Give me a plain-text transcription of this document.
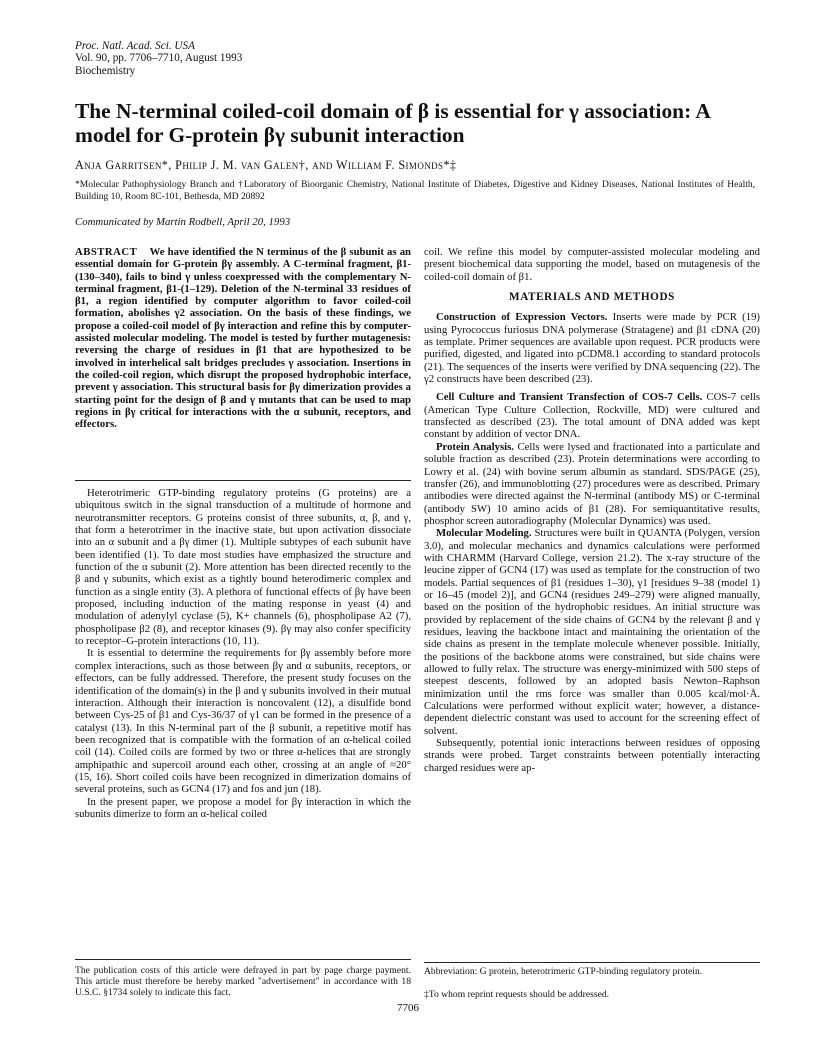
Proc. Natl. Acad. Sci. USA
Vol. 90, pp. 7706–7710, August 1993
Biochemistry
The N-terminal coiled-coil domain of β is essential for γ association: A model for G-protein βγ subunit interaction
Anja Garritsen*, Philip J. M. van Galen†, and William F. Simonds*‡
*Molecular Pathophysiology Branch and †Laboratory of Bioorganic Chemistry, National Institute of Diabetes, Digestive and Kidney Diseases, National Institutes of Health, Building 10, Room 8C-101, Bethesda, MD 20892
Communicated by Martin Rodbell, April 20, 1993
ABSTRACT We have identified the N terminus of the β subunit as an essential domain for G-protein βγ assembly. A C-terminal fragment, β1-(130–340), fails to bind γ unless coexpressed with the complementary N-terminal fragment, β1-(1–129). Deletion of the N-terminal 33 residues of β1, a region identified by computer algorithm to favor coiled-coil formation, abolishes γ2 association. On the basis of these findings, we propose a coiled-coil model of βγ interaction and refine this by computer-assisted molecular modeling. The model is tested by further mutagenesis: reversing the charge of residues in β1 that are hypothesized to be involved in interhelical salt bridges precludes γ association. Insertions in the coiled-coil region, which disrupt the proposed hydrophobic interface, prevent γ association. This structural basis for βγ dimerization provides a starting point for the design of β and γ mutants that can be used to map regions in βγ critical for interactions with the α subunit, receptors, and effectors.

Heterotrimeric GTP-binding regulatory proteins (G proteins) are a ubiquitous switch in the signal transduction of a multitude of hormone and neurotransmitter receptors. G proteins consist of three subunits, α, β, and γ, that form a heterotrimer in the inactive state, but upon activation dissociate into an α subunit and a βγ dimer (1). Multiple subtypes of each subunit have been identified (1). To date most studies have emphasized the structure and function of the α subunit (2). More attention has been directed recently to the β and γ subunits, which exist as a tightly bound heterodimeric complex and function as a single entity (3). A plethora of functional effects of βγ have been proposed, including induction of the mating response in yeast (4) and modulation of adenylyl cyclase (5), K+ channels (6), phospholipase A2 (7), phospholipase β2 (8), and receptor kinases (9). βγ may also confer specificity to receptor–G-protein interactions (10, 11).

It is essential to determine the requirements for βγ assembly before more complex interactions, such as those between βγ and α subunits, receptors, or effectors, can be fully addressed. Therefore, the present study focuses on the identification of the domain(s) in the β and γ subunits involved in their mutual interaction. Although their interaction is noncovalent (12), a disulfide bond between Cys-25 of β1 and Cys-36/37 of γ1 can be formed in the presence of a catalyst (13). In this N-terminal part of the β subunit, a repetitive motif has been recognized that is compatible with the formation of an α-helical coiled coil (14). Coiled coils are formed by two or three α-helices that are strongly amphipathic and supercoil around each other, crossing at an angle of ≈20° (15, 16). Short coiled coils have been recognized in dimerization domains of several proteins, such as GCN4 (17) and fos and jun (18).

In the present paper, we propose a model for βγ interaction in which the subunits dimerize to form an α-helical coiled

The publication costs of this article were defrayed in part by page charge payment. This article must therefore be hereby marked "advertisement" in accordance with 18 U.S.C. §1734 solely to indicate this fact.

coil. We refine this model by computer-assisted molecular modeling and present biochemical data supporting the model, based on mutagenesis of the coiled-coil domain of β1.

MATERIALS AND METHODS

Construction of Expression Vectors. Inserts were made by PCR (19) using Pyrococcus furiosus DNA polymerase (Stratagene) and β1 cDNA (20) as template. Primer sequences are available upon request. PCR products were purified, digested, and ligated into pCDM8.1 according to standard protocols (21). The sequences of the inserts were verified by DNA sequencing (22). The γ2 constructs have been described (23).

Cell Culture and Transient Transfection of COS-7 Cells. COS-7 cells (American Type Culture Collection, Rockville, MD) were cultured and transfected as described (23). The total amount of DNA added was kept constant by addition of vector DNA.

Protein Analysis. Cells were lysed and fractionated into a particulate and soluble fraction as described (23). Protein determinations were according to Lowry et al. (24) with bovine serum albumin as standard. SDS/PAGE (25), transfer (26), and immunoblotting (27) procedures were as described. Primary antibodies were directed against the N-terminal (antibody MS) or C-terminal (antibody SW) 10 amino acids of β1 (28). For semiquantitative results, phosphor screen autoradiography (Molecular Dynamics) was used.

Molecular Modeling. Structures were built in QUANTA (Polygen, version 3.0), and molecular mechanics and dynamics calculations were performed with CHARMM (Harvard College, version 21.2). The x-ray structure of the leucine zipper of GCN4 (17) was used as template for the construction of two models. Partial sequences of β1 (residues 1–30), γ1 [residues 9–38 (model 1) or 16–45 (model 2)], and GCN4 (residues 249–279) were aligned manually, based on the position of the hydrophobic residues. An initial structure was provided by replacement of the side chains of GCN4 by the relevant β and γ residues, leaving the backbone intact and maintaining the orientation of the side chains as present in the template molecule whenever possible. Initially, the positions of the backbone atoms were constrained, but side chains were allowed to fully relax. The structure was energy-minimized with 500 steps of steepest descents, followed by an adopted basis Newton–Raphson minimization until the rms force was smaller than 0.005 kcal/mol·Å. Calculations were performed without explicit water; however, a distance-dependent dielectric constant was used to account for the screening effect of solvent.

Subsequently, potential ionic interactions between residues of opposing strands were probed. Target constraints between potentially interacting charged residues were ap-

Abbreviation: G protein, heterotrimeric GTP-binding regulatory protein.
‡To whom reprint requests should be addressed.
7706
